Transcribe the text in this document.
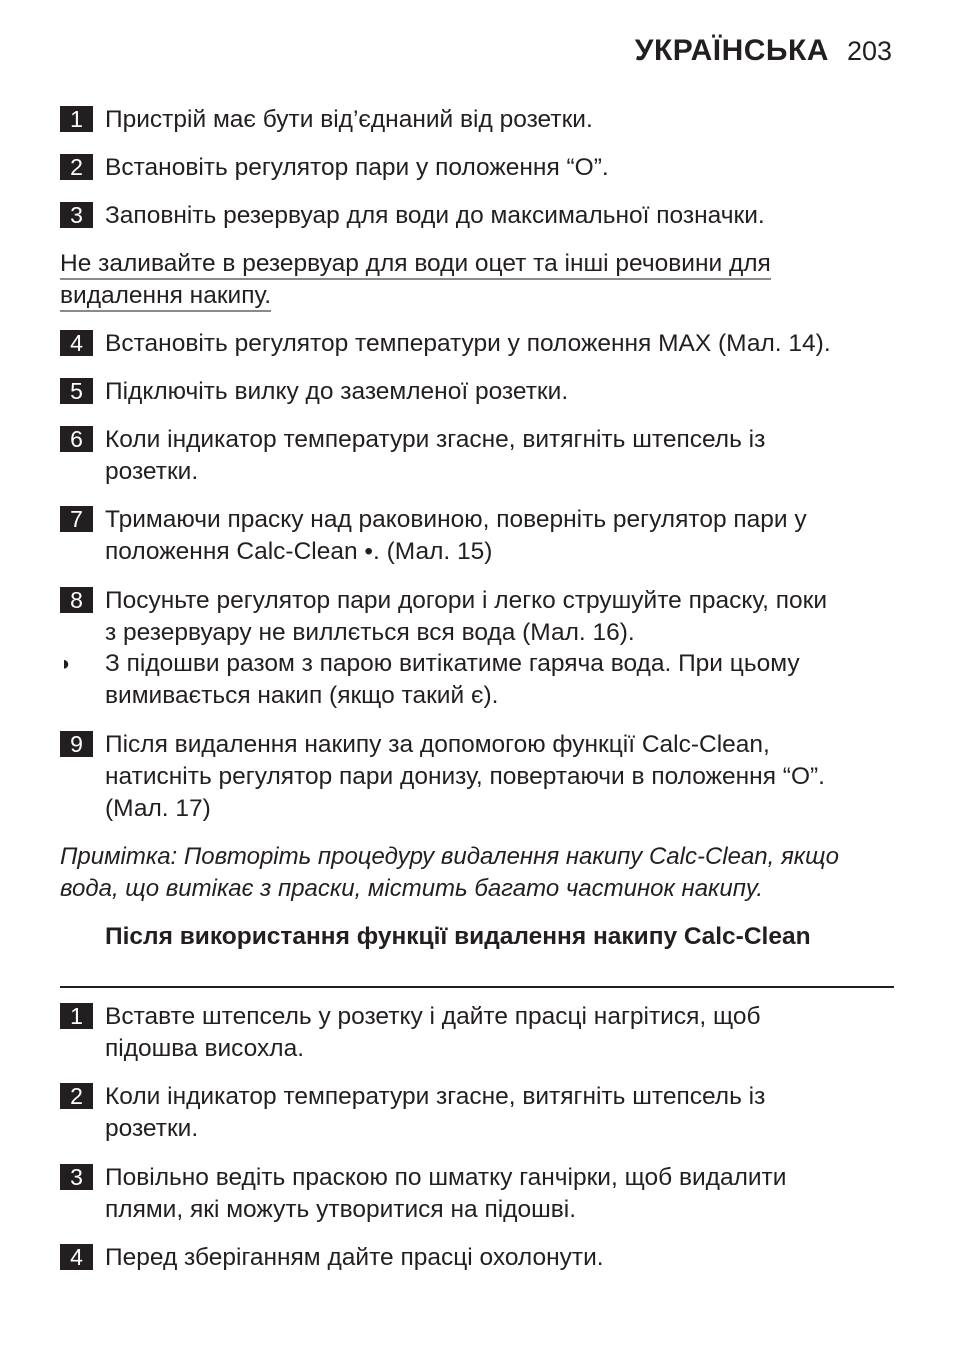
УКРАЇНСЬКА 203
1 Пристрій має бути від’єднаний від розетки.
2 Встановіть регулятор пари у положення “O”.
3 Заповніть резервуар для води до максимальної позначки.
Не заливайте в резервуар для води оцет та інші речовини для
видалення накипу.
4 Встановіть регулятор температури у положення MAX (Мал. 14).
5 Підключіть вилку до заземленої розетки.
6 Коли індикатор температури згасне, витягніть штепсель із розетки.
7 Тримаючи праску над раковиною, поверніть регулятор пари у положення Calc-Clean •. (Мал. 15)
8 Посуньте регулятор пари догори і легко струшуйте праску, поки з резервуару не виллється вся вода (Мал. 16).
◗	З підошви разом з парою витікатиме гаряча вода. При цьому вимивається накип (якщо такий є).
9 Після видалення накипу за допомогою функції Calc-Clean, натисніть регулятор пари донизу, повертаючи в положення “O”. (Мал. 17)
Примітка: Повторіть процедуру видалення накипу Calc-Clean, якщо вода, що витікає з праски, містить багато частинок накипу.
Після використання функції видалення накипу Calc-Clean
1 Вставте штепсель у розетку і дайте прасці нагрітися, щоб підошва висохла.
2 Коли індикатор температури згасне, витягніть штепсель із розетки.
3 Повільно ведіть праскою по шматку ганчірки, щоб видалити плями, які можуть утворитися на підошві.
4 Перед зберіганням дайте прасці охолонути.
